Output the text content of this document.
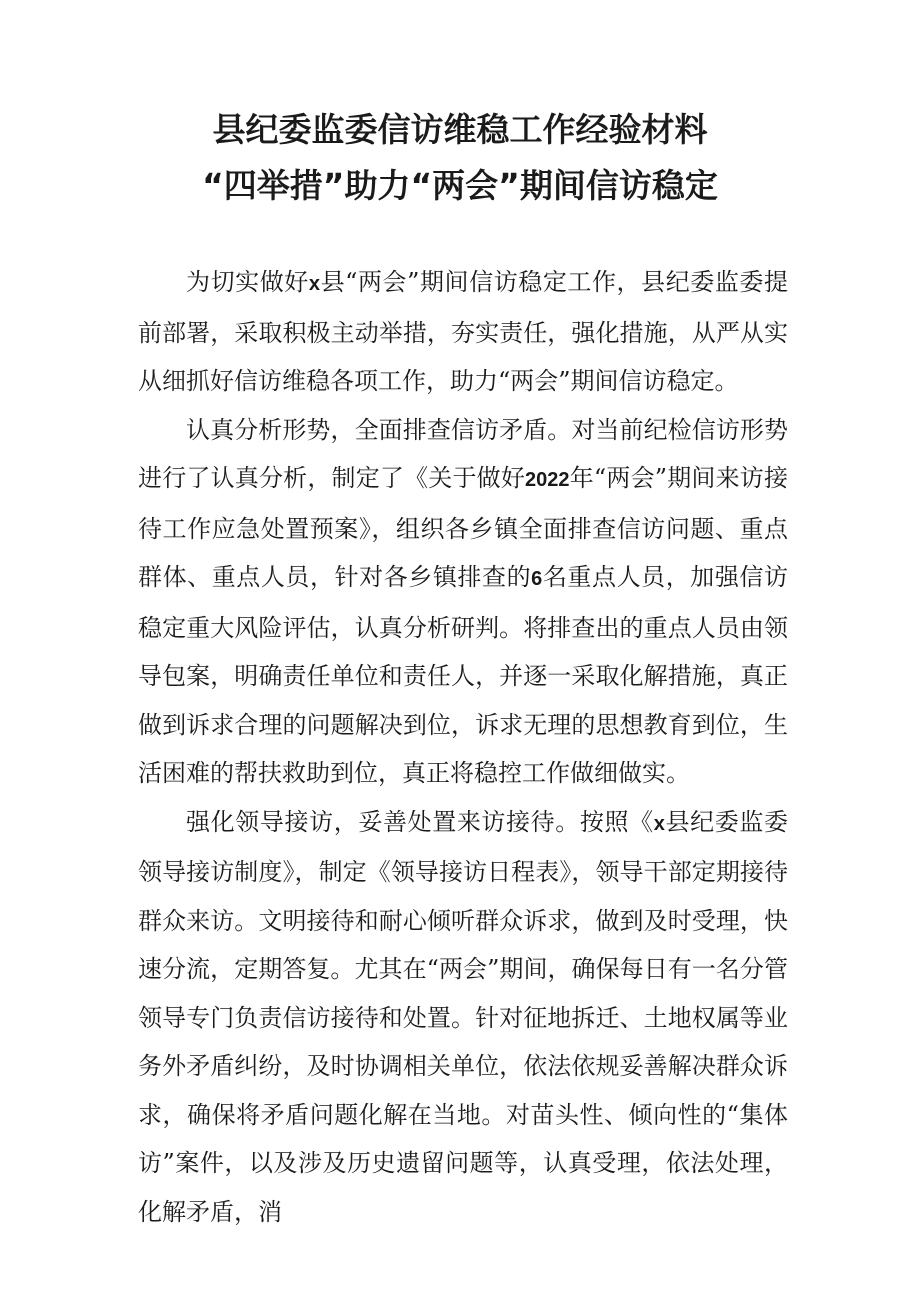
县纪委监委信访维稳工作经验材料
“四举措”助力“两会”期间信访稳定

为切实做好x县“两会”期间信访稳定工作，县纪委监委提前部署，采取积极主动举措，夯实责任，强化措施，从严从实从细抓好信访维稳各项工作，助力“两会”期间信访稳定。

认真分析形势，全面排查信访矛盾。对当前纪检信访形势进行了认真分析，制定了《关于做好2022年“两会”期间来访接待工作应急处置预案》，组织各乡镇全面排查信访问题、重点群体、重点人员，针对各乡镇排查的6名重点人员，加强信访稳定重大风险评估，认真分析研判。将排查出的重点人员由领导包案，明确责任单位和责任人，并逐一采取化解措施，真正做到诉求合理的问题解决到位，诉求无理的思想教育到位，生活困难的帮扶救助到位，真正将稳控工作做细做实。

强化领导接访，妥善处置来访接待。按照《x县纪委监委领导接访制度》，制定《领导接访日程表》，领导干部定期接待群众来访。文明接待和耐心倾听群众诉求，做到及时受理，快速分流，定期答复。尤其在“两会”期间，确保每日有一名分管领导专门负责信访接待和处置。针对征地拆迁、土地权属等业务外矛盾纠纷，及时协调相关单位，依法依规妥善解决群众诉求，确保将矛盾问题化解在当地。对苗头性、倾向性的“集体访”案件，以及涉及历史遗留问题等，认真受理，依法处理，化解矛盾，消
